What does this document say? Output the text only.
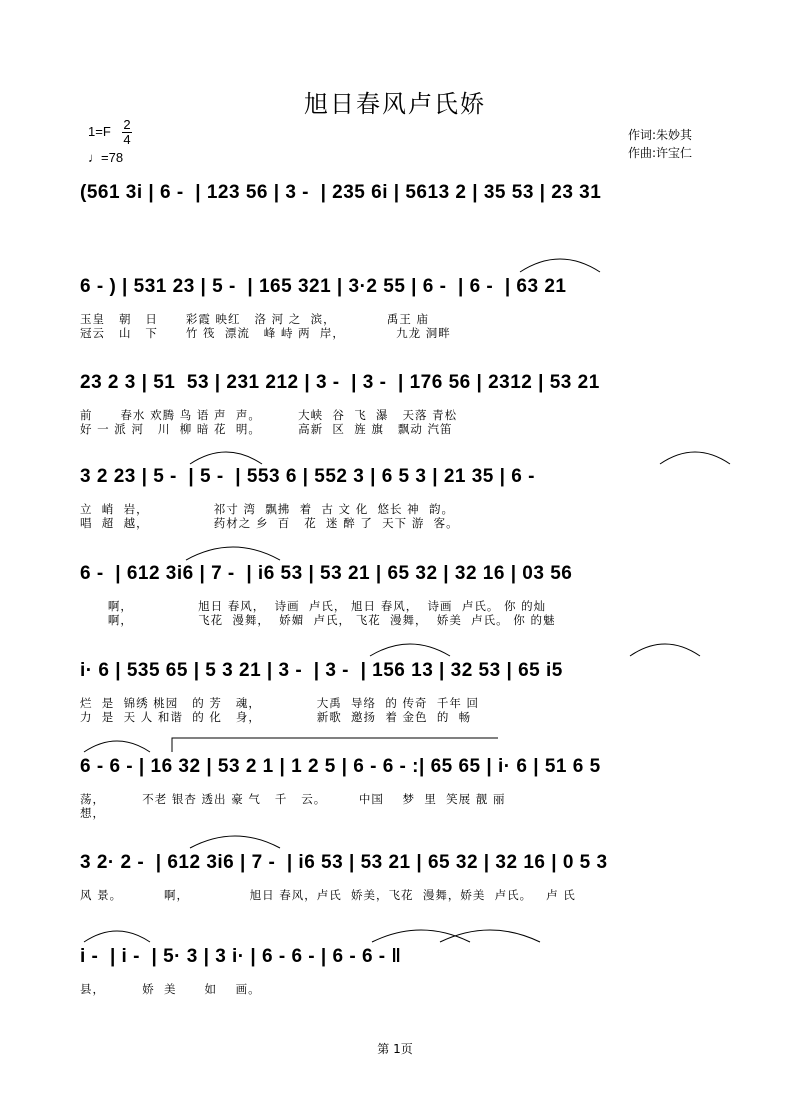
旭日春风卢氏娇
1=F 2
4
♩=78
作词:朱妙其
作曲:许宝仁
(561 3i | 6 -  | 123 56 | 3 -  | 235 6i | 5613 2 | 35 53 | 23 31
6 - ) | 531 23 | 5 -  | 165 321 | 3·2 55 | 6 -  | 6 -  | 63 21
玉皇   朝   日      彩霞 映红   洛 河 之  滨，           禹王 庙
冠云   山   下      竹 筏  漂流   峰 峙 两  岸，           九龙 洞畔
23 2 3 | 51  53 | 231 212 | 3 -  | 3 -  | 176 56 | 2312 | 53 21
前      春水 欢腾 鸟 语 声  声。        大峡  谷  飞  瀑   天落 青松
好 一 派 河   川  柳 暗 花  明。        高新  区  旌 旗   飘动 汽笛
3 2 23 | 5 -  | 5 -  | 553 6 | 552 3 | 6 5 3 | 21 35 | 6 -
立  峭  岩，              祁寸 湾  飘拂  着  古 文 化  悠长 神  韵。
唱  超  越，              药材之 乡  百   花  迷 醉 了  天下 游  客。
6 -  | 612 3i6 | 7 -  | i6 53 | 53 21 | 65 32 | 32 16 | 03 56
啊，              旭日 春风，  诗画  卢氏， 旭日 春风，  诗画  卢氏。 你 的灿
啊，              飞花  漫舞，  娇媚  卢氏， 飞花  漫舞，  娇美  卢氏。 你 的魅
i· 6 | 535 65 | 5 3 21 | 3 -  | 3 -  | 156 13 | 32 53 | 65 i5
烂  是  锦绣 桃园   的 芳   魂，            大禹  导络  的 传奇  千年 回
力  是  天 人 和谐  的 化   身，            新歌  邀扬  着 金色  的  畅
6 - 6 - | 16 32 | 53 2 1 | 1 2 5 | 6 - 6 - :| 65 65 | i· 6 | 51 6 5
荡，        不老 银杏 透出 豪 气   千   云。       中国    梦  里  笑展 靓 丽
想，
3 2· 2 -  | 612 3i6 | 7 -  | i6 53 | 53 21 | 65 32 | 32 16 | 0 5 3
风 景。         啊，             旭日 春风，卢氏  娇美，飞花  漫舞，娇美  卢氏。   卢 氏
i -  | i -  | 5· 3 | 3 i· | 6 - 6 - | 6 - 6 - ‖
县，        娇  美      如    画。
第 1页
